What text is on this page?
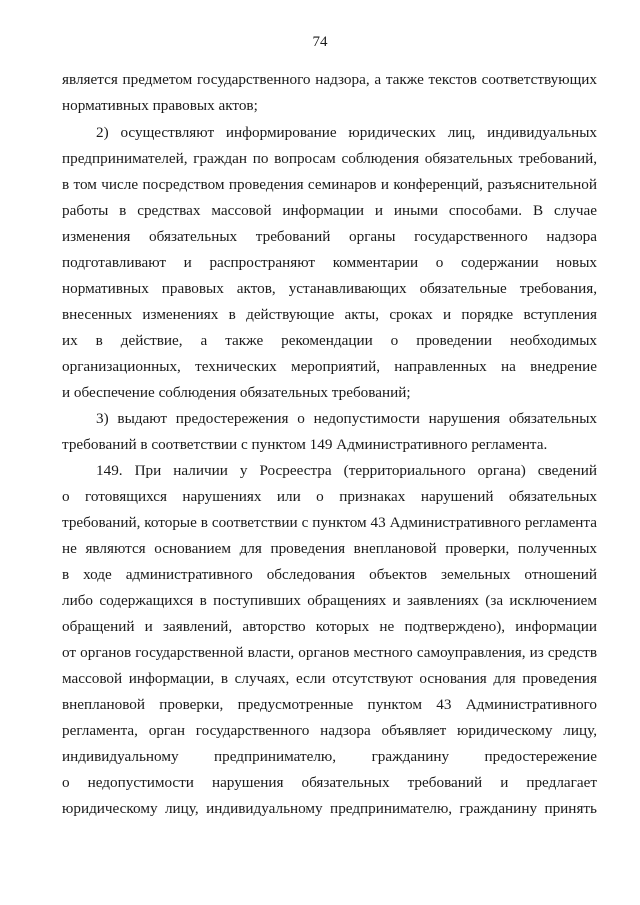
74
является предметом государственного надзора, а также текстов соответствующих
нормативных правовых актов;
2) осуществляют информирование юридических лиц, индивидуальных
предпринимателей, граждан по вопросам соблюдения обязательных требований,
в том числе посредством проведения семинаров и конференций, разъяснительной
работы в средствах массовой информации и иными способами. В случае
изменения обязательных требований органы государственного надзора
подготавливают и распространяют комментарии о содержании новых
нормативных правовых актов, устанавливающих обязательные требования,
внесенных изменениях в действующие акты, сроках и порядке вступления
их в действие, а также рекомендации о проведении необходимых
организационных, технических мероприятий, направленных на внедрение
и обеспечение соблюдения обязательных требований;
3) выдают предостережения о недопустимости нарушения обязательных
требований в соответствии с пунктом 149 Административного регламента.
149. При наличии у Росреестра (территориального органа) сведений
о готовящихся нарушениях или о признаках нарушений обязательных
требований, которые в соответствии с пунктом 43 Административного регламента
не являются основанием для проведения внеплановой проверки, полученных
в ходе административного обследования объектов земельных отношений
либо содержащихся в поступивших обращениях и заявлениях (за исключением
обращений и заявлений, авторство которых не подтверждено), информации
от органов государственной власти, органов местного самоуправления, из средств
массовой информации, в случаях, если отсутствуют основания для проведения
внеплановой проверки, предусмотренные пунктом 43 Административного
регламента, орган государственного надзора объявляет юридическому лицу,
индивидуальному предпринимателю, гражданину предостережение
о недопустимости нарушения обязательных требований и предлагает
юридическому лицу, индивидуальному предпринимателю, гражданину принять
